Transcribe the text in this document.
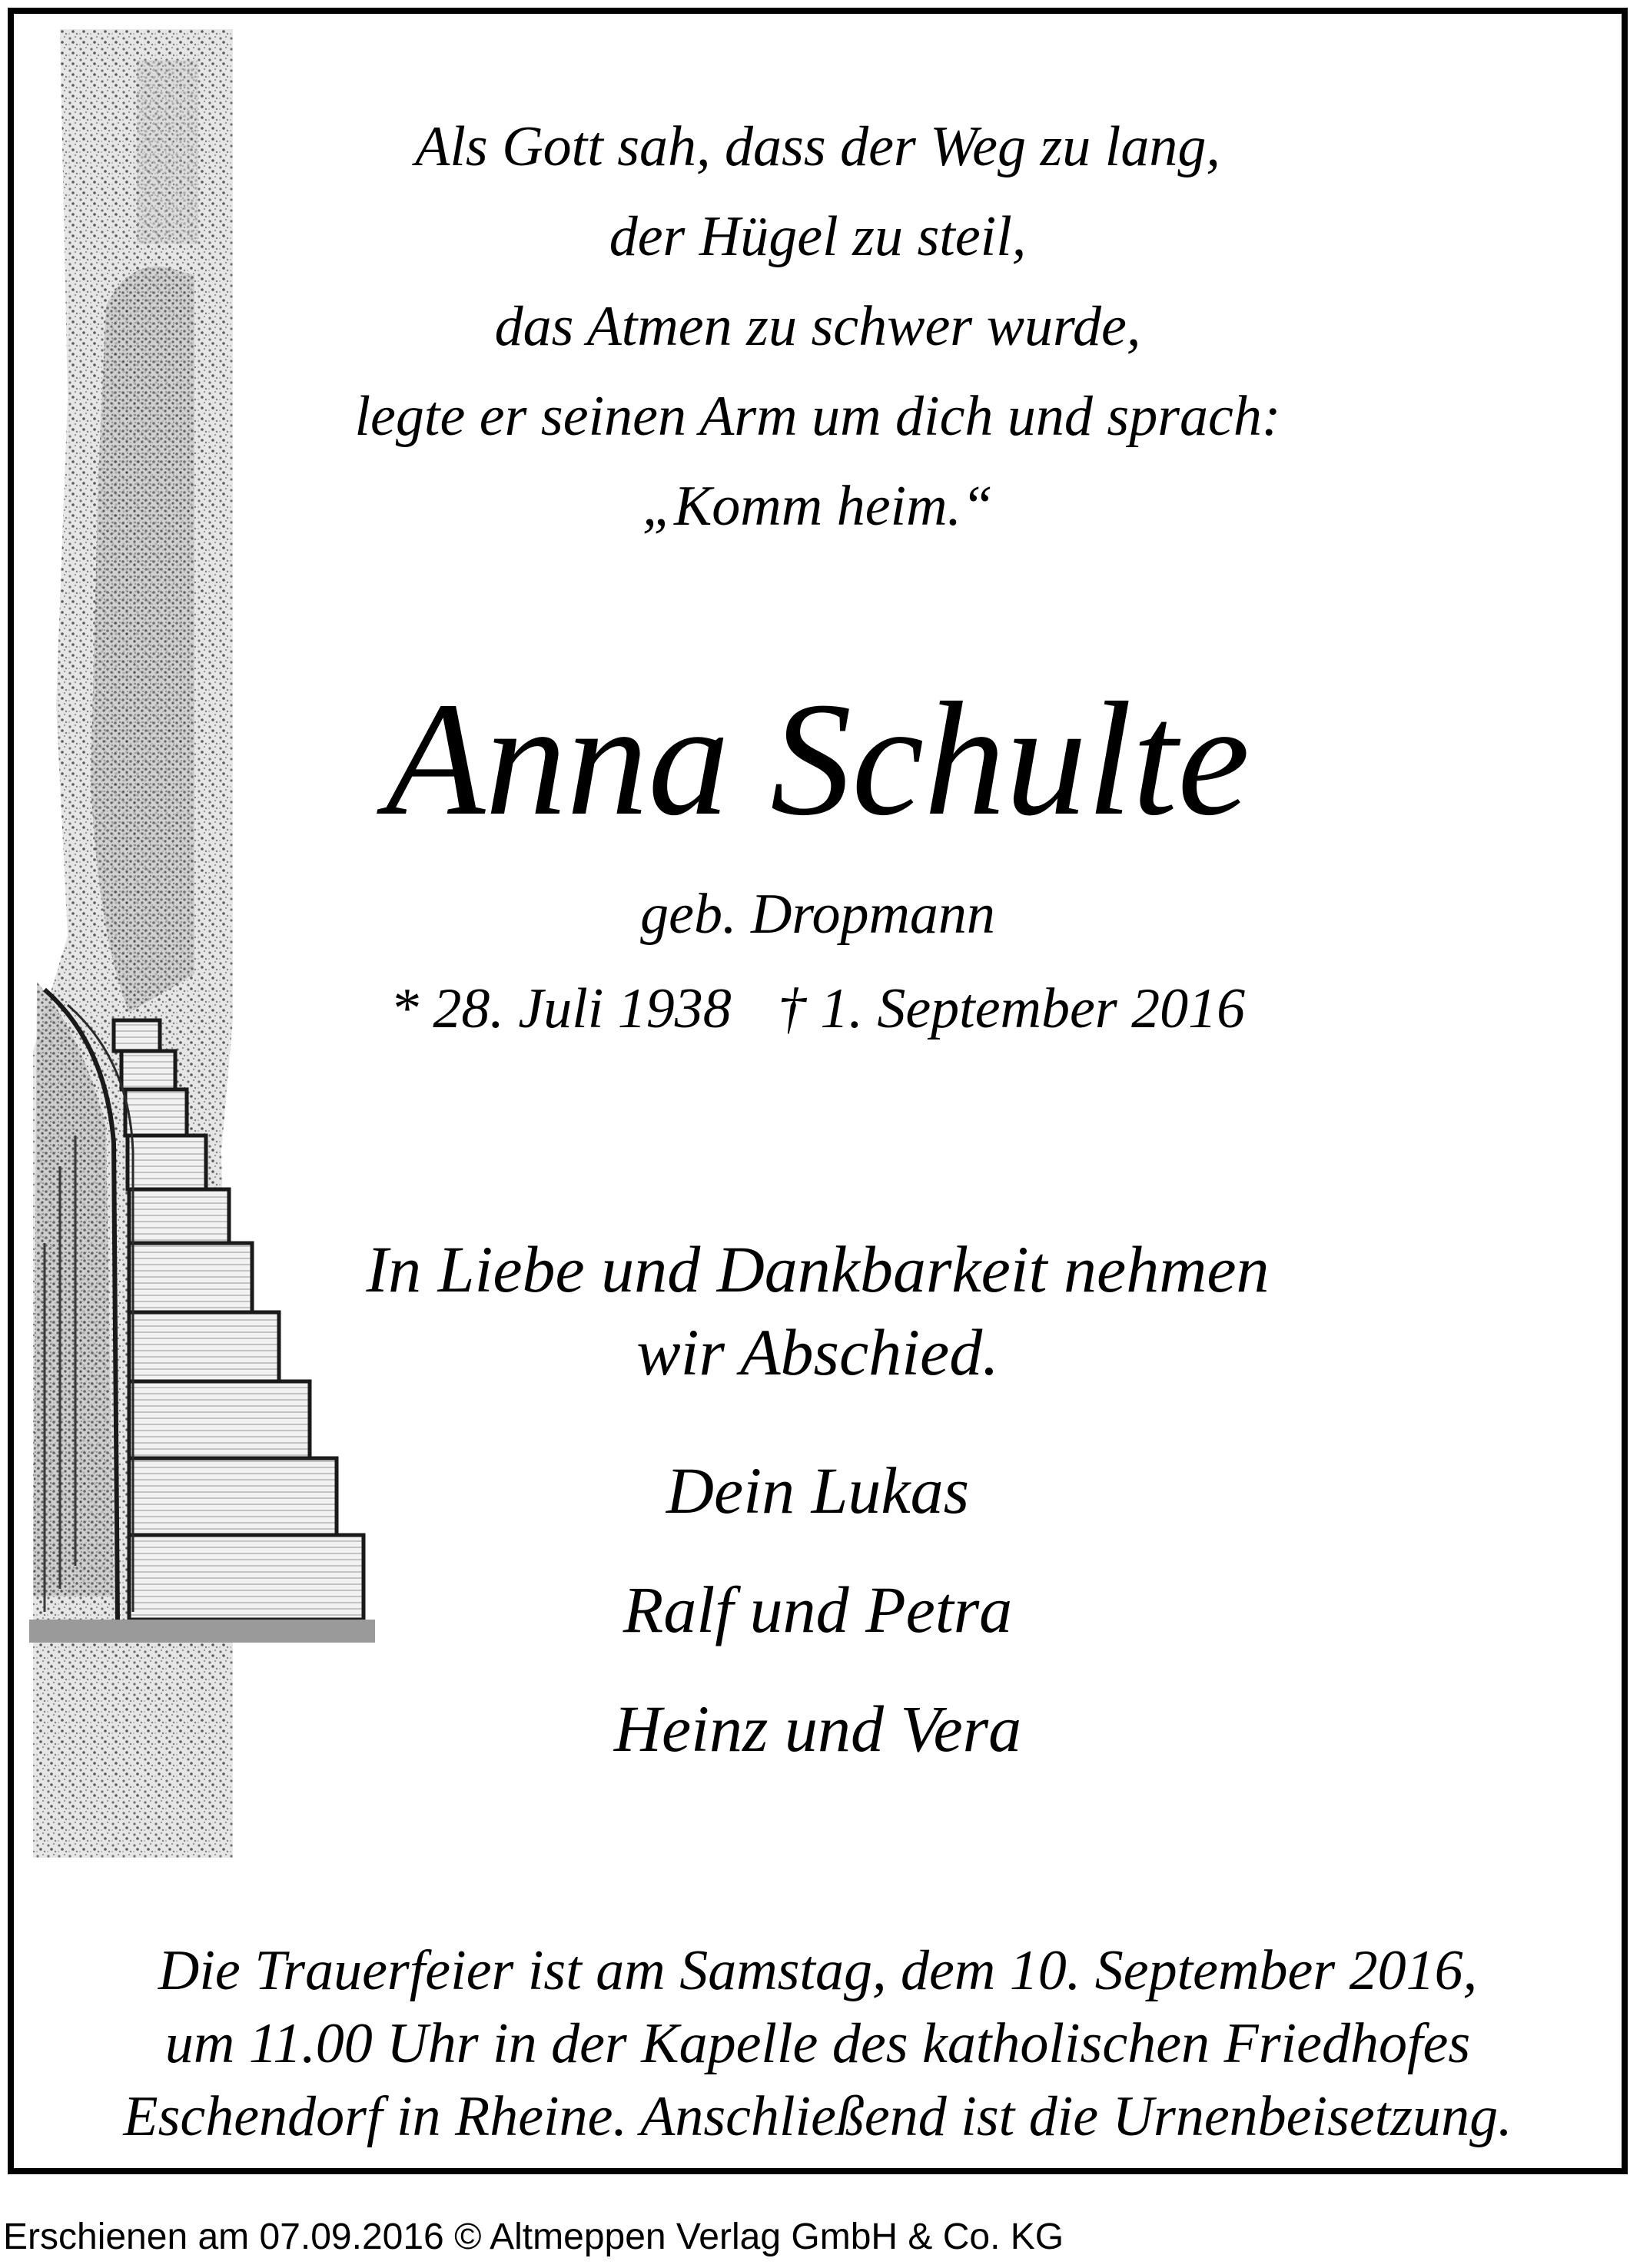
Als Gott sah, dass der Weg zu lang,
der Hügel zu steil,
das Atmen zu schwer wurde,
legte er seinen Arm um dich und sprach:
„Komm heim.“
Anna Schulte
geb. Dropmann
* 28. Juli 1938 † 1. September 2016
In Liebe und Dankbarkeit nehmen
wir Abschied.
Dein Lukas
Ralf und Petra
Heinz und Vera
Die Trauerfeier ist am Samstag, dem 10. September 2016,
um 11.00 Uhr in der Kapelle des katholischen Friedhofes
Eschendorf in Rheine. Anschließend ist die Urnenbeisetzung.
Erschienen am 07.09.2016 © Altmeppen Verlag GmbH & Co. KG
